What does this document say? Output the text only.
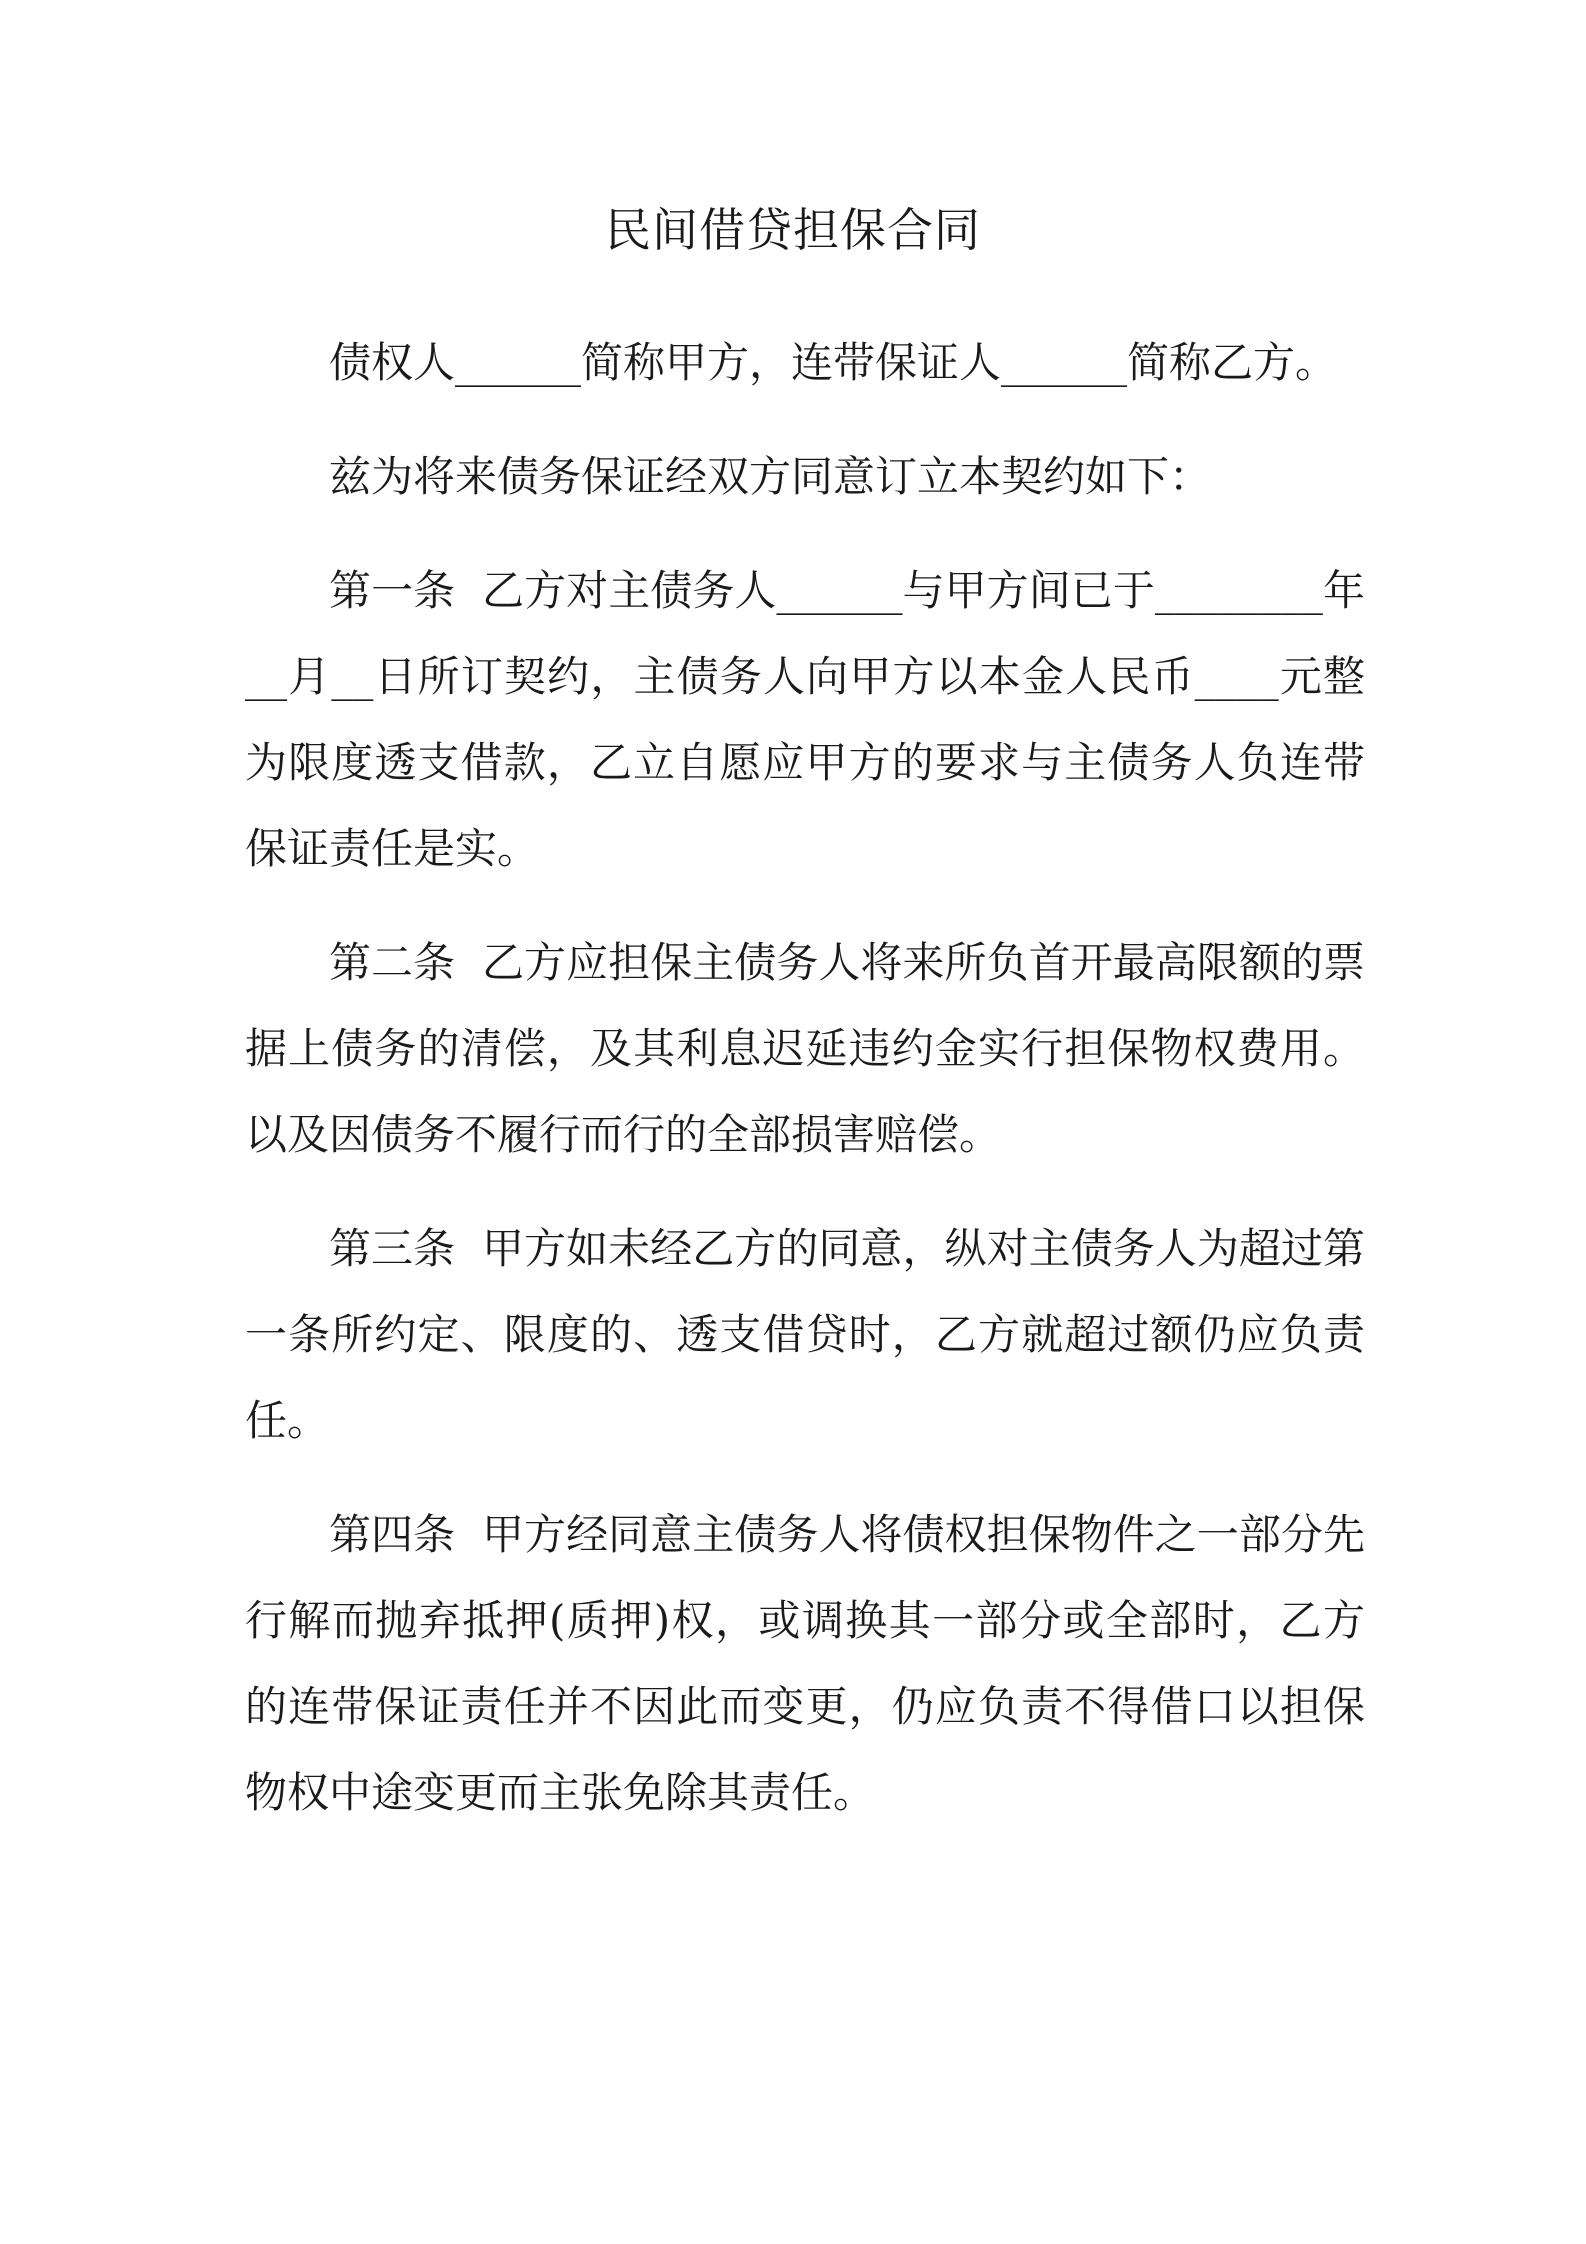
民间借贷担保合同

债权人______简称甲方，连带保证人______简称乙方。

兹为将来债务保证经双方同意订立本契约如下：

第一条  乙方对主债务人______与甲方间已于________年__月__日所订契约，主债务人向甲方以本金人民币____元整为限度透支借款，乙立自愿应甲方的要求与主债务人负连带保证责任是实。

第二条  乙方应担保主债务人将来所负首开最高限额的票据上债务的清偿，及其利息迟延违约金实行担保物权费用。以及因债务不履行而行的全部损害赔偿。

第三条  甲方如未经乙方的同意，纵对主债务人为超过第一条所约定、限度的、透支借贷时，乙方就超过额仍应负责任。

第四条  甲方经同意主债务人将债权担保物件之一部分先行解而抛弃抵押(质押)权，或调换其一部分或全部时，乙方的连带保证责任并不因此而变更，仍应负责不得借口以担保物权中途变更而主张免除其责任。
